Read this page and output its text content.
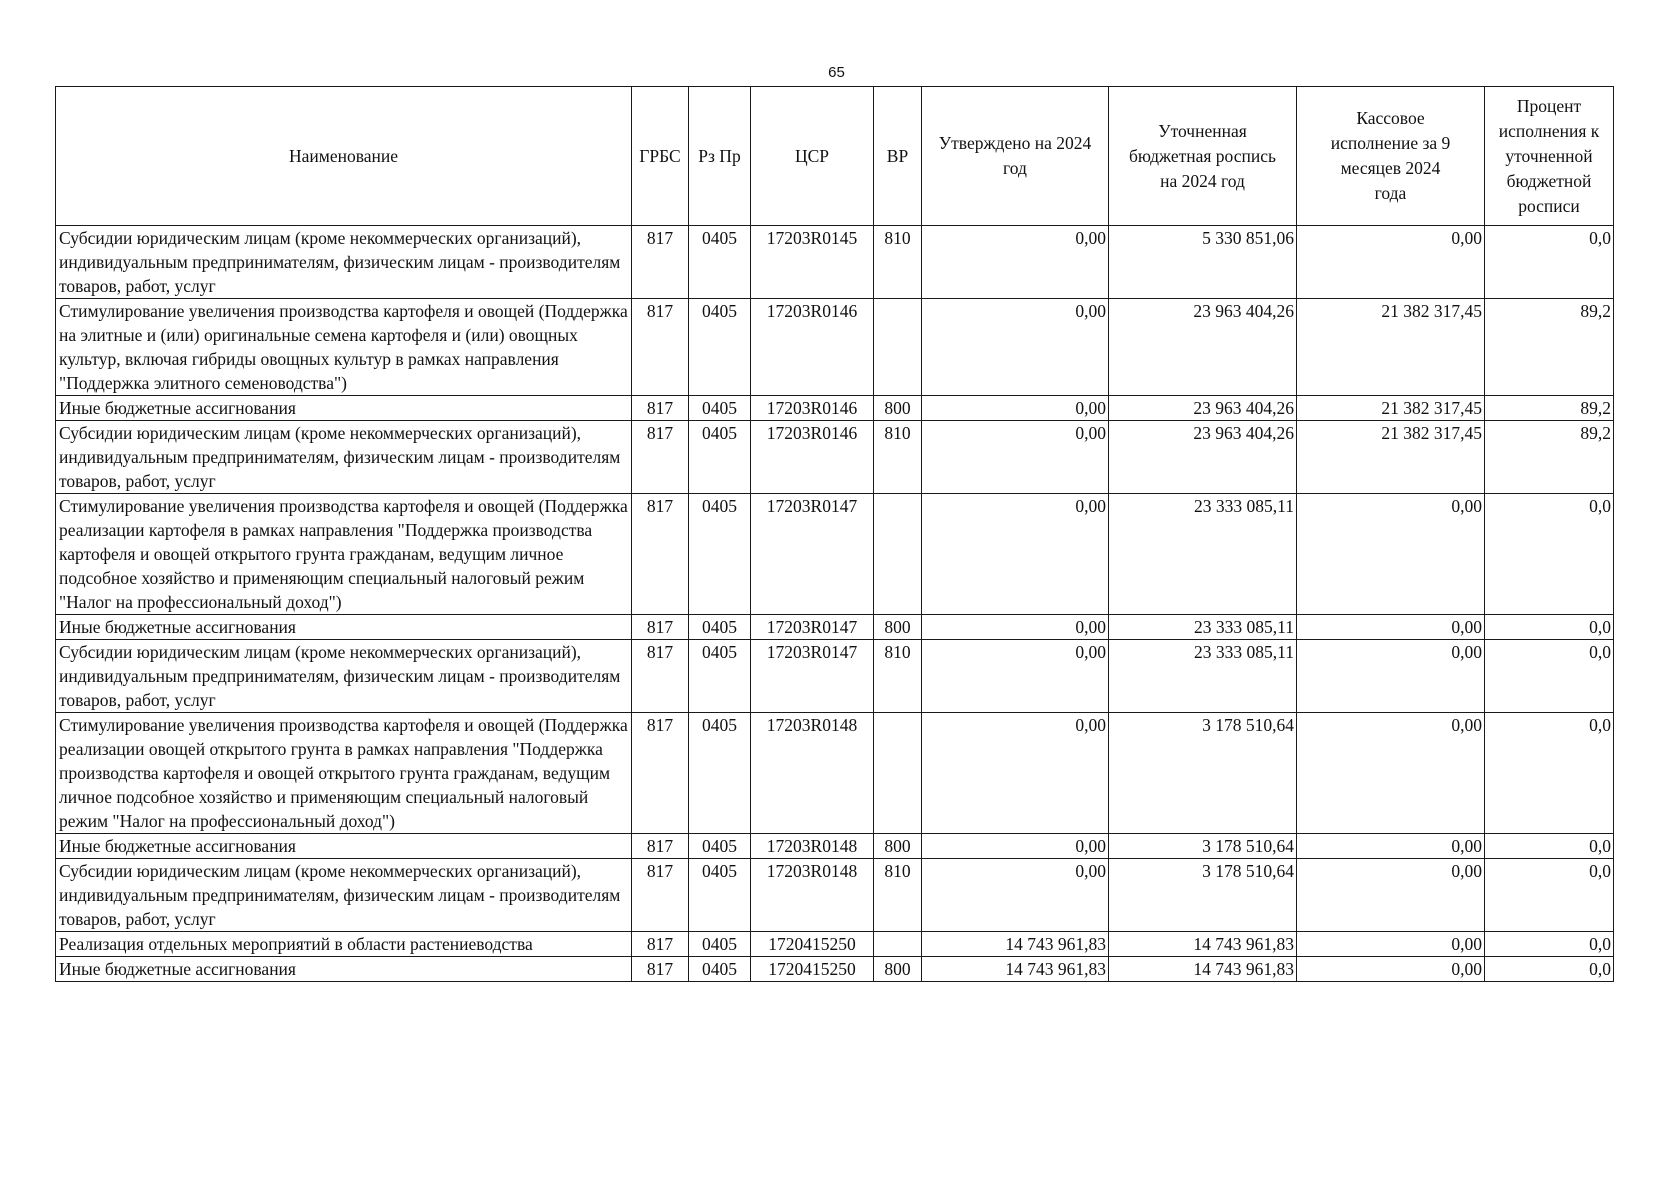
65
Наименование	ГРБС	Рз Пр	ЦСР	ВР	Утверждено на 2024 год	Уточненная бюджетная роспись на 2024 год	Кассовое исполнение за 9 месяцев 2024 года	Процент исполнения к уточненной бюджетной росписи
Субсидии юридическим лицам (кроме некоммерческих организаций), индивидуальным предпринимателям, физическим лицам - производителям товаров, работ, услуг	817	0405	17203R0145	810	0,00	5 330 851,06	0,00	0,0
Стимулирование увеличения производства картофеля и овощей (Поддержка на элитные и (или) оригинальные семена картофеля и (или) овощных культур, включая гибриды овощных культур в рамках направления "Поддержка элитного семеноводства")	817	0405	17203R0146		0,00	23 963 404,26	21 382 317,45	89,2
Иные бюджетные ассигнования	817	0405	17203R0146	800	0,00	23 963 404,26	21 382 317,45	89,2
Субсидии юридическим лицам (кроме некоммерческих организаций), индивидуальным предпринимателям, физическим лицам - производителям товаров, работ, услуг	817	0405	17203R0146	810	0,00	23 963 404,26	21 382 317,45	89,2
Стимулирование увеличения производства картофеля и овощей (Поддержка реализации картофеля в рамках направления "Поддержка производства картофеля и овощей открытого грунта гражданам, ведущим личное подсобное хозяйство и применяющим специальный налоговый режим "Налог на профессиональный доход")	817	0405	17203R0147		0,00	23 333 085,11	0,00	0,0
Иные бюджетные ассигнования	817	0405	17203R0147	800	0,00	23 333 085,11	0,00	0,0
Субсидии юридическим лицам (кроме некоммерческих организаций), индивидуальным предпринимателям, физическим лицам - производителям товаров, работ, услуг	817	0405	17203R0147	810	0,00	23 333 085,11	0,00	0,0
Стимулирование увеличения производства картофеля и овощей (Поддержка реализации овощей открытого грунта в рамках направления "Поддержка производства картофеля и овощей открытого грунта гражданам, ведущим личное подсобное хозяйство и применяющим специальный налоговый режим "Налог на профессиональный доход")	817	0405	17203R0148		0,00	3 178 510,64	0,00	0,0
Иные бюджетные ассигнования	817	0405	17203R0148	800	0,00	3 178 510,64	0,00	0,0
Субсидии юридическим лицам (кроме некоммерческих организаций), индивидуальным предпринимателям, физическим лицам - производителям товаров, работ, услуг	817	0405	17203R0148	810	0,00	3 178 510,64	0,00	0,0
Реализация отдельных мероприятий в области растениеводства	817	0405	1720415250		14 743 961,83	14 743 961,83	0,00	0,0
Иные бюджетные ассигнования	817	0405	1720415250	800	14 743 961,83	14 743 961,83	0,00	0,0
